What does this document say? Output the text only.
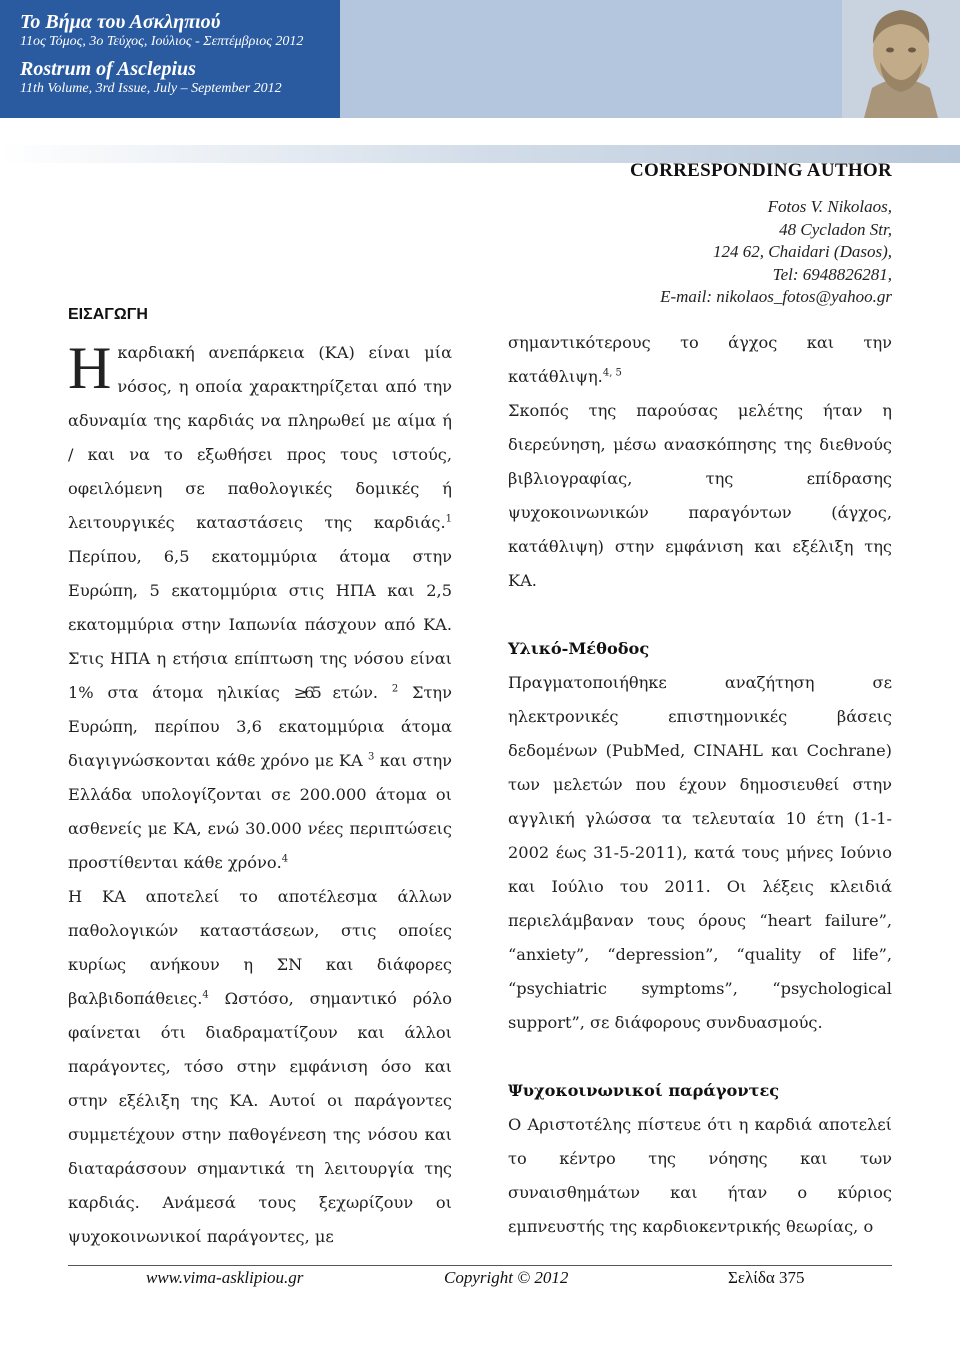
Το Βήμα του Ασκληπιού
11ος Τόμος, 3ο Τεύχος, Ιούλιος - Σεπτέμβριος 2012
Rostrum of Asclepius
11th Volume, 3rd Issue, July – September 2012
CORRESPONDING AUTHOR
Fotos V. Nikolaos,
48 Cycladon Str,
124 62, Chaidari (Dasos),
Tel: 6948826281,
E-mail: nikolaos_fotos@yahoo.gr
ΕΙΣΑΓΩΓΗ

Ηκαρδιακή ανεπάρκεια (ΚΑ) είναι μία νόσος, η οποία χαρακτηρίζεται από την αδυναμία της καρδιάς να πληρωθεί με αίμα ή / και να το εξωθήσει προς τους ιστούς, οφειλόμενη σε παθολογικές δομικές ή λειτουργικές καταστάσεις της καρδιάς.$^1$ Περίπου, 6,5 εκατομμύρια άτομα στην Ευρώπη, 5 εκατομμύρια στις ΗΠΑ και 2,5 εκατομμύρια στην Ιαπωνία πάσχουν από ΚΑ. Στις ΗΠΑ η ετήσια επίπτωση της νόσου είναι 1% στα άτομα ηλικίας ≥65 ετών. $^2$ Στην Ευρώπη, περίπου 3,6 εκατομμύρια άτομα διαγιγνώσκονται κάθε χρόνο με ΚΑ $^3$ και στην Ελλάδα υπολογίζονται σε 200.000 άτομα οι ασθενείς με ΚΑ, ενώ 30.000 νέες περιπτώσεις προστίθενται κάθε χρόνο.$^4$

Η ΚΑ αποτελεί το αποτέλεσμα άλλων παθολογικών καταστάσεων, στις οποίες κυρίως ανήκουν η ΣΝ και διάφορες βαλβιδοπάθειες.$^4$ Ωστόσο, σημαντικό ρόλο φαίνεται ότι διαδραματίζουν και άλλοι παράγοντες, τόσο στην εμφάνιση όσο και στην εξέλιξη της ΚΑ. Αυτοί οι παράγοντες συμμετέχουν στην παθογένεση της νόσου και διαταράσσουν σημαντικά τη λειτουργία της καρδιάς. Ανάμεσά τους ξεχωρίζουν οι ψυχοκοινωνικοί παράγοντες, με

σημαντικότερους το άγχος και την κατάθλιψη.$^{4, 5}$

Σκοπός της παρούσας μελέτης ήταν η διερεύνηση, μέσω ανασκόπησης της διεθνούς βιβλιογραφίας, της επίδρασης ψυχοκοινωνικών παραγόντων (άγχος, κατάθλιψη) στην εμφάνιση και εξέλιξη της ΚΑ.

Υλικό-Μέθοδος

Πραγματοποιήθηκε αναζήτηση σε ηλεκτρονικές επιστημονικές βάσεις δεδομένων (PubMed, CINAHL και Cochrane) των μελετών που έχουν δημοσιευθεί στην αγγλική γλώσσα τα τελευταία 10 έτη (1-1-2002 έως 31-5-2011), κατά τους μήνες Ιούνιο και Ιούλιο του 2011. Οι λέξεις κλειδιά περιελάμβαναν τους όρους “heart failure”, “anxiety”, “depression”, “quality of life”, “psychiatric symptoms”, “psychological support”, σε διάφορους συνδυασμούς.

Ψυχοκοινωνικοί παράγοντες

Ο Αριστοτέλης πίστευε ότι η καρδιά αποτελεί το κέντρο της νόησης και των συναισθημάτων και ήταν ο κύριος εμπνευστής της καρδιοκεντρικής θεωρίας, ο

www.vima-asklipiou.gr	Copyright © 2012	Σελίδα 375
